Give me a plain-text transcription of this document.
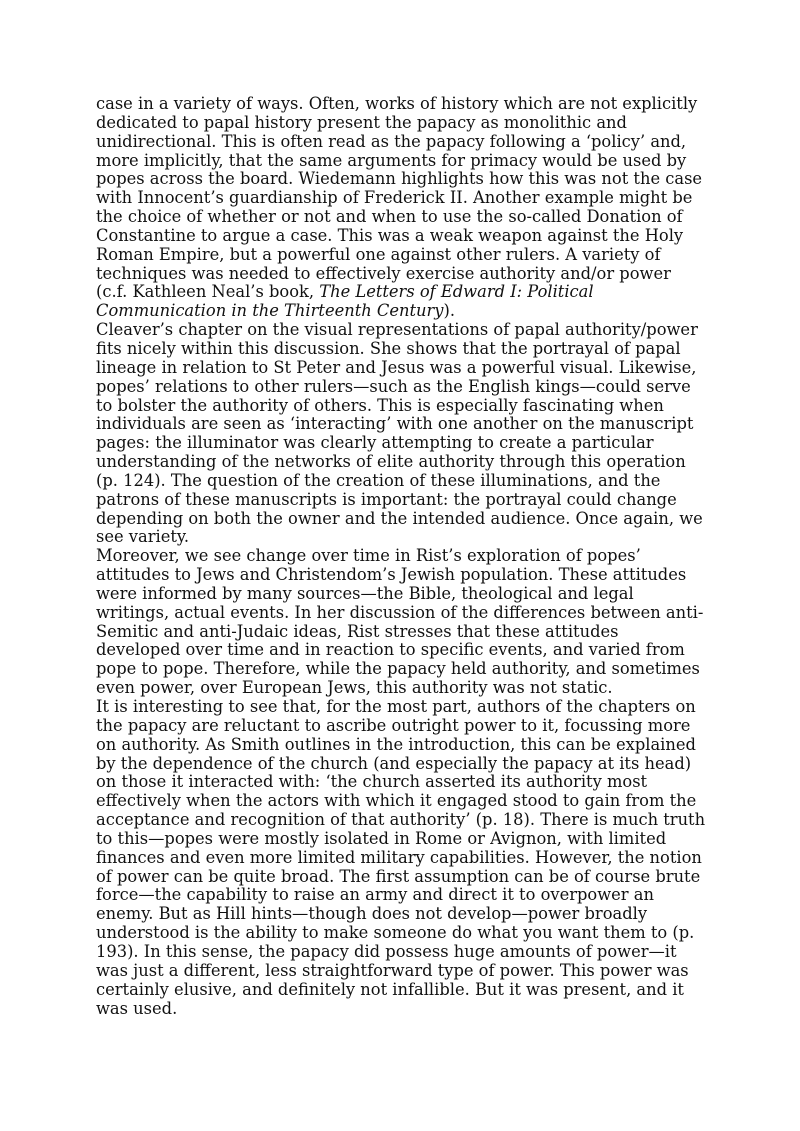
case in a variety of ways. Often, works of history which are not explicitly dedicated to papal history present the papacy as monolithic and unidirectional. This is often read as the papacy following a ‘policy’ and, more implicitly, that the same arguments for primacy would be used by popes across the board. Wiedemann highlights how this was not the case with Innocent’s guardianship of Frederick II. Another example might be the choice of whether or not and when to use the so-called Donation of Constantine to argue a case. This was a weak weapon against the Holy Roman Empire, but a powerful one against other rulers. A variety of techniques was needed to effectively exercise authority and/or power (c.f. Kathleen Neal’s book, The Letters of Edward I: Political Communication in the Thirteenth Century).

Cleaver’s chapter on the visual representations of papal authority/power fits nicely within this discussion. She shows that the portrayal of papal lineage in relation to St Peter and Jesus was a powerful visual. Likewise, popes’ relations to other rulers—such as the English kings—could serve to bolster the authority of others. This is especially fascinating when individuals are seen as ‘interacting’ with one another on the manuscript pages: the illuminator was clearly attempting to create a particular understanding of the networks of elite authority through this operation (p. 124). The question of the creation of these illuminations, and the patrons of these manuscripts is important: the portrayal could change depending on both the owner and the intended audience. Once again, we see variety.

Moreover, we see change over time in Rist’s exploration of popes’ attitudes to Jews and Christendom’s Jewish population. These attitudes were informed by many sources—the Bible, theological and legal writings, actual events. In her discussion of the differences between anti-Semitic and anti-Judaic ideas, Rist stresses that these attitudes developed over time and in reaction to specific events, and varied from pope to pope. Therefore, while the papacy held authority, and sometimes even power, over European Jews, this authority was not static.

It is interesting to see that, for the most part, authors of the chapters on the papacy are reluctant to ascribe outright power to it, focussing more on authority. As Smith outlines in the introduction, this can be explained by the dependence of the church (and especially the papacy at its head) on those it interacted with: ‘the church asserted its authority most effectively when the actors with which it engaged stood to gain from the acceptance and recognition of that authority’ (p. 18). There is much truth to this—popes were mostly isolated in Rome or Avignon, with limited finances and even more limited military capabilities. However, the notion of power can be quite broad. The first assumption can be of course brute force—the capability to raise an army and direct it to overpower an enemy. But as Hill hints—though does not develop—power broadly understood is the ability to make someone do what you want them to (p. 193). In this sense, the papacy did possess huge amounts of power—it was just a different, less straightforward type of power. This power was certainly elusive, and definitely not infallible. But it was present, and it was used.
